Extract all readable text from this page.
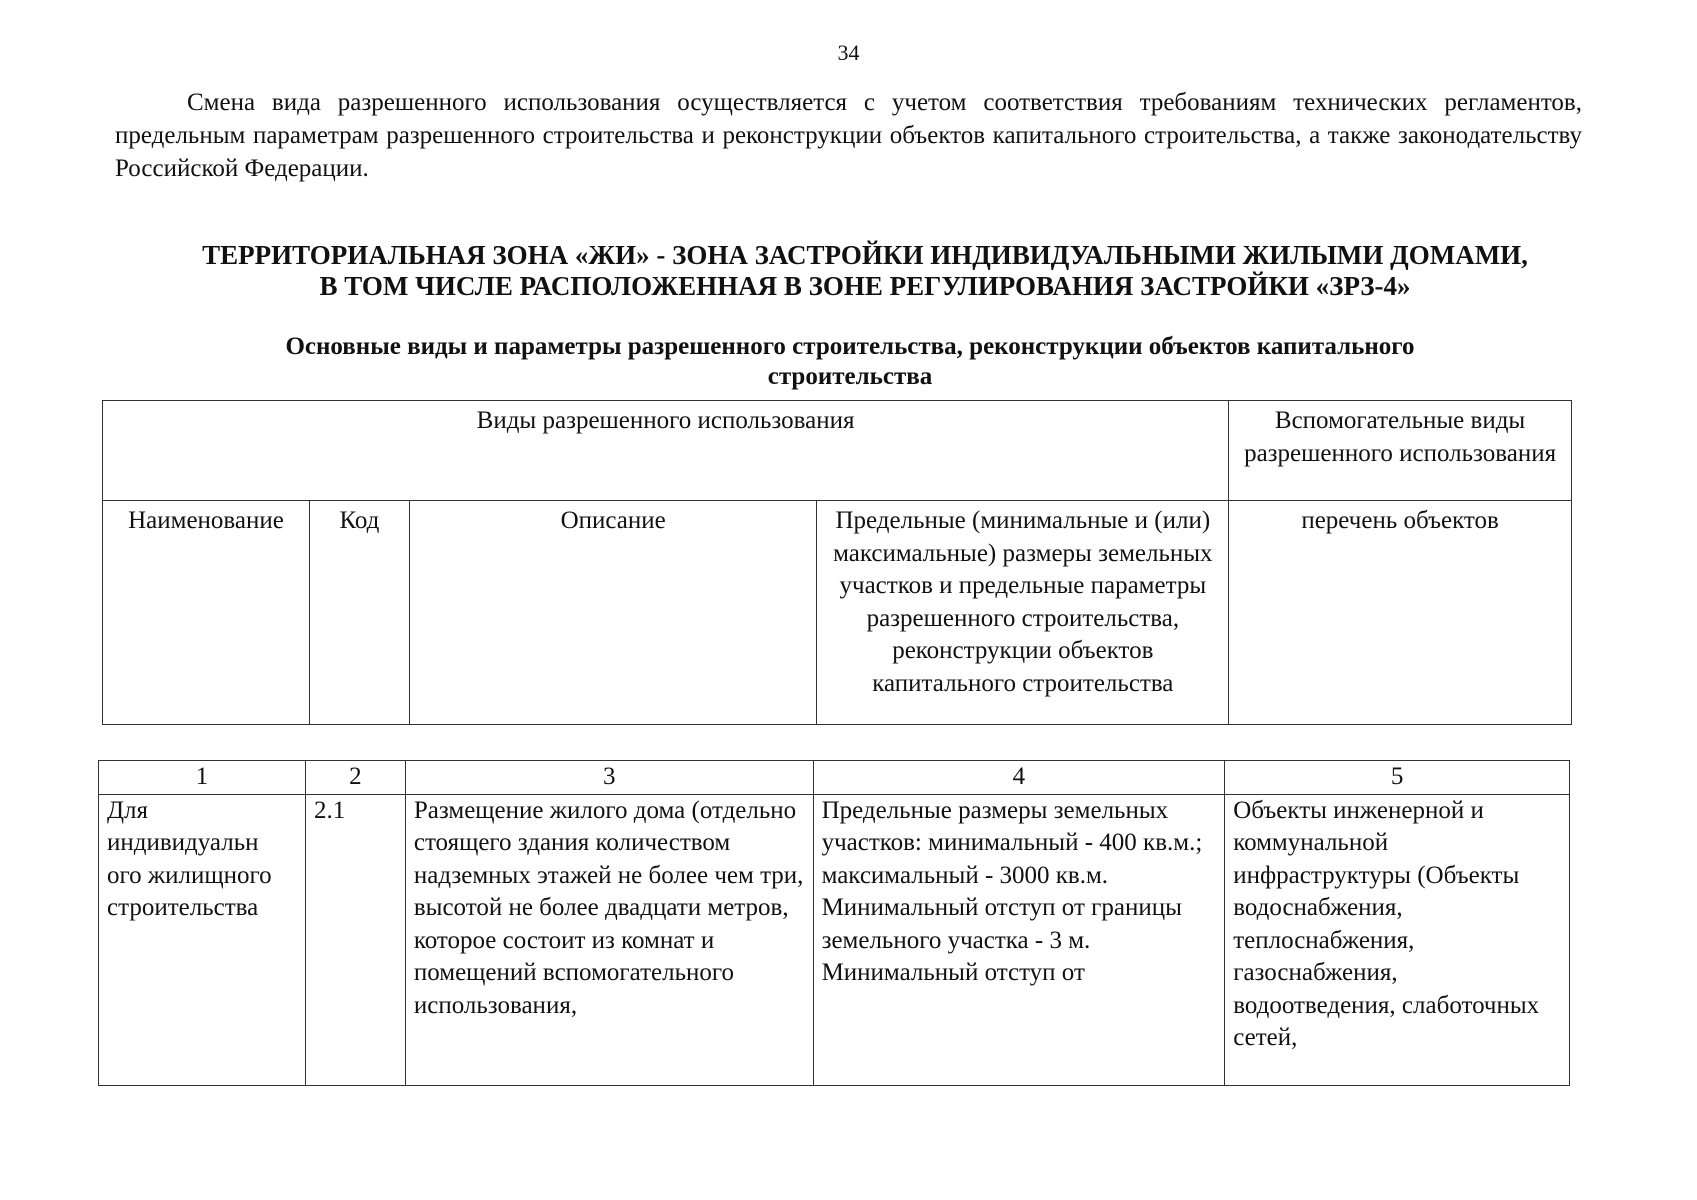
34

Смена вида разрешенного использования осуществляется с учетом соответствия требованиям технических регламентов, предельным параметрам разрешенного строительства и реконструкции объектов капитального строительства, а также законодательству Российской Федерации.

ТЕРРИТОРИАЛЬНАЯ ЗОНА «ЖИ» - ЗОНА ЗАСТРОЙКИ ИНДИВИДУАЛЬНЫМИ ЖИЛЫМИ ДОМАМИ,
В ТОМ ЧИСЛЕ РАСПОЛОЖЕННАЯ В ЗОНЕ РЕГУЛИРОВАНИЯ ЗАСТРОЙКИ «ЗРЗ-4»
Основные виды и параметры разрешенного строительства, реконструкции объектов капитального
строительства
Виды разрешенного использования				Вспомогательные виды разрешенного использования
Наименование	Код	Описание	Предельные (минимальные и (или) максимальные) размеры земельных участков и предельные параметры разрешенного строительства, реконструкции объектов капитального строительства	перечень объектов
1	2	3	4	5
Для индивидуальн ого жилищного строительства	2.1	Размещение жилого дома (отдельно стоящего здания количеством надземных этажей не более чем три, высотой не более двадцати метров, которое состоит из комнат и помещений вспомогательного использования,	Предельные размеры земельных участков: минимальный - 400 кв.м.; максимальный - 3000 кв.м. Минимальный отступ от границы земельного участка - 3 м. Минимальный отступ от	Объекты инженерной и коммунальной инфраструктуры (Объекты водоснабжения, теплоснабжения, газоснабжения, водоотведения, слаботочных сетей,
